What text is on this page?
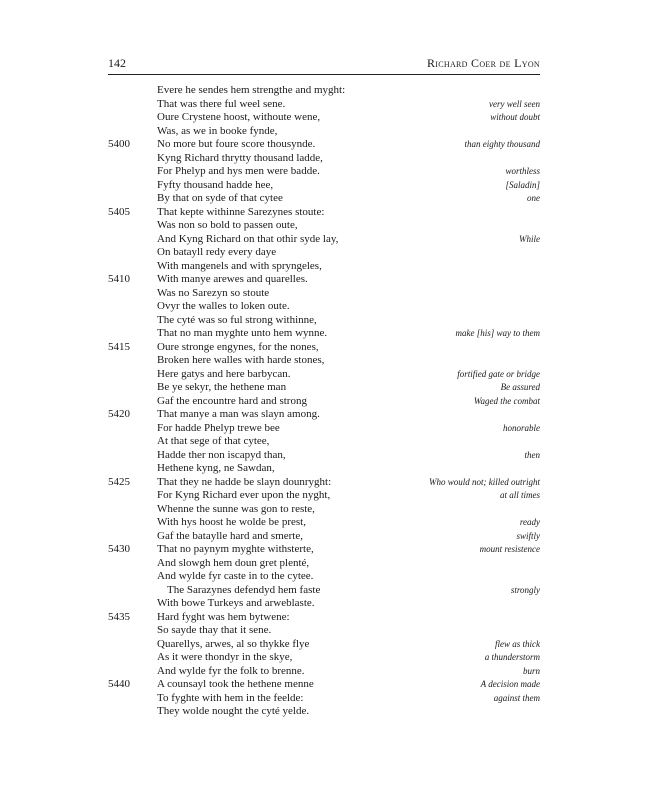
142	Richard Coer de Lyon
Evere he sendes hem strengthe and myght:
That was there ful weel sene.	very well seen
Oure Crystene hoost, withoute wene,	without doubt
Was, as we in booke fynde,
5400 No more but foure score thousynde.	than eighty thousand
Kyng Richard thrytty thousand ladde,
For Phelyp and hys men were badde.	worthless
Fyfty thousand hadde hee,	[Saladin]
By that on syde of that cytee	one
5405 That kepte withinne Sarezynes stoute:
Was non so bold to passen oute,
And Kyng Richard on that othir syde lay,	While
On batayll redy every daye
With mangenels and with spryngeles,
5410 With manye arewes and quarelles.
Was no Sarezyn so stoute
Ovyr the walles to loken oute.
The cyté was so ful strong withinne,
That no man myghte unto hem wynne.	make [his] way to them
5415 Oure stronge engynes, for the nones,
Broken here walles with harde stones,
Here gatys and here barbycan.	fortified gate or bridge
Be ye sekyr, the hethene man	Be assured
Gaf the encountre hard and strong	Waged the combat
5420 That manye a man was slayn among.
For hadde Phelyp trewe bee	honorable
At that sege of that cytee,
Hadde ther non iscapyd than,	then
Hethene kyng, ne Sawdan,
5425 That they ne hadde be slayn dounryght:	Who would not; killed outright
For Kyng Richard ever upon the nyght,	at all times
Whenne the sunne was gon to reste,
With hys hoost he wolde be prest,	ready
Gaf the bataylle hard and smerte,	swiftly
5430 That no paynym myghte withsterte,	mount resistence
And slowgh hem doun gret plenté,
And wylde fyr caste in to the cytee.
The Sarazynes defendyd hem faste	strongly
With bowe Turkeys and arweblaste.
5435 Hard fyght was hem bytwene:
So sayde thay that it sene.
Quarellys, arwes, al so thykke flye	flew as thick
As it were thondyr in the skye,	a thunderstorm
And wylde fyr the folk to brenne.	burn
5440 A counsayl took the hethene menne	A decision made
To fyghte with hem in the feelde:	against them
They wolde nought the cyté yelde.
